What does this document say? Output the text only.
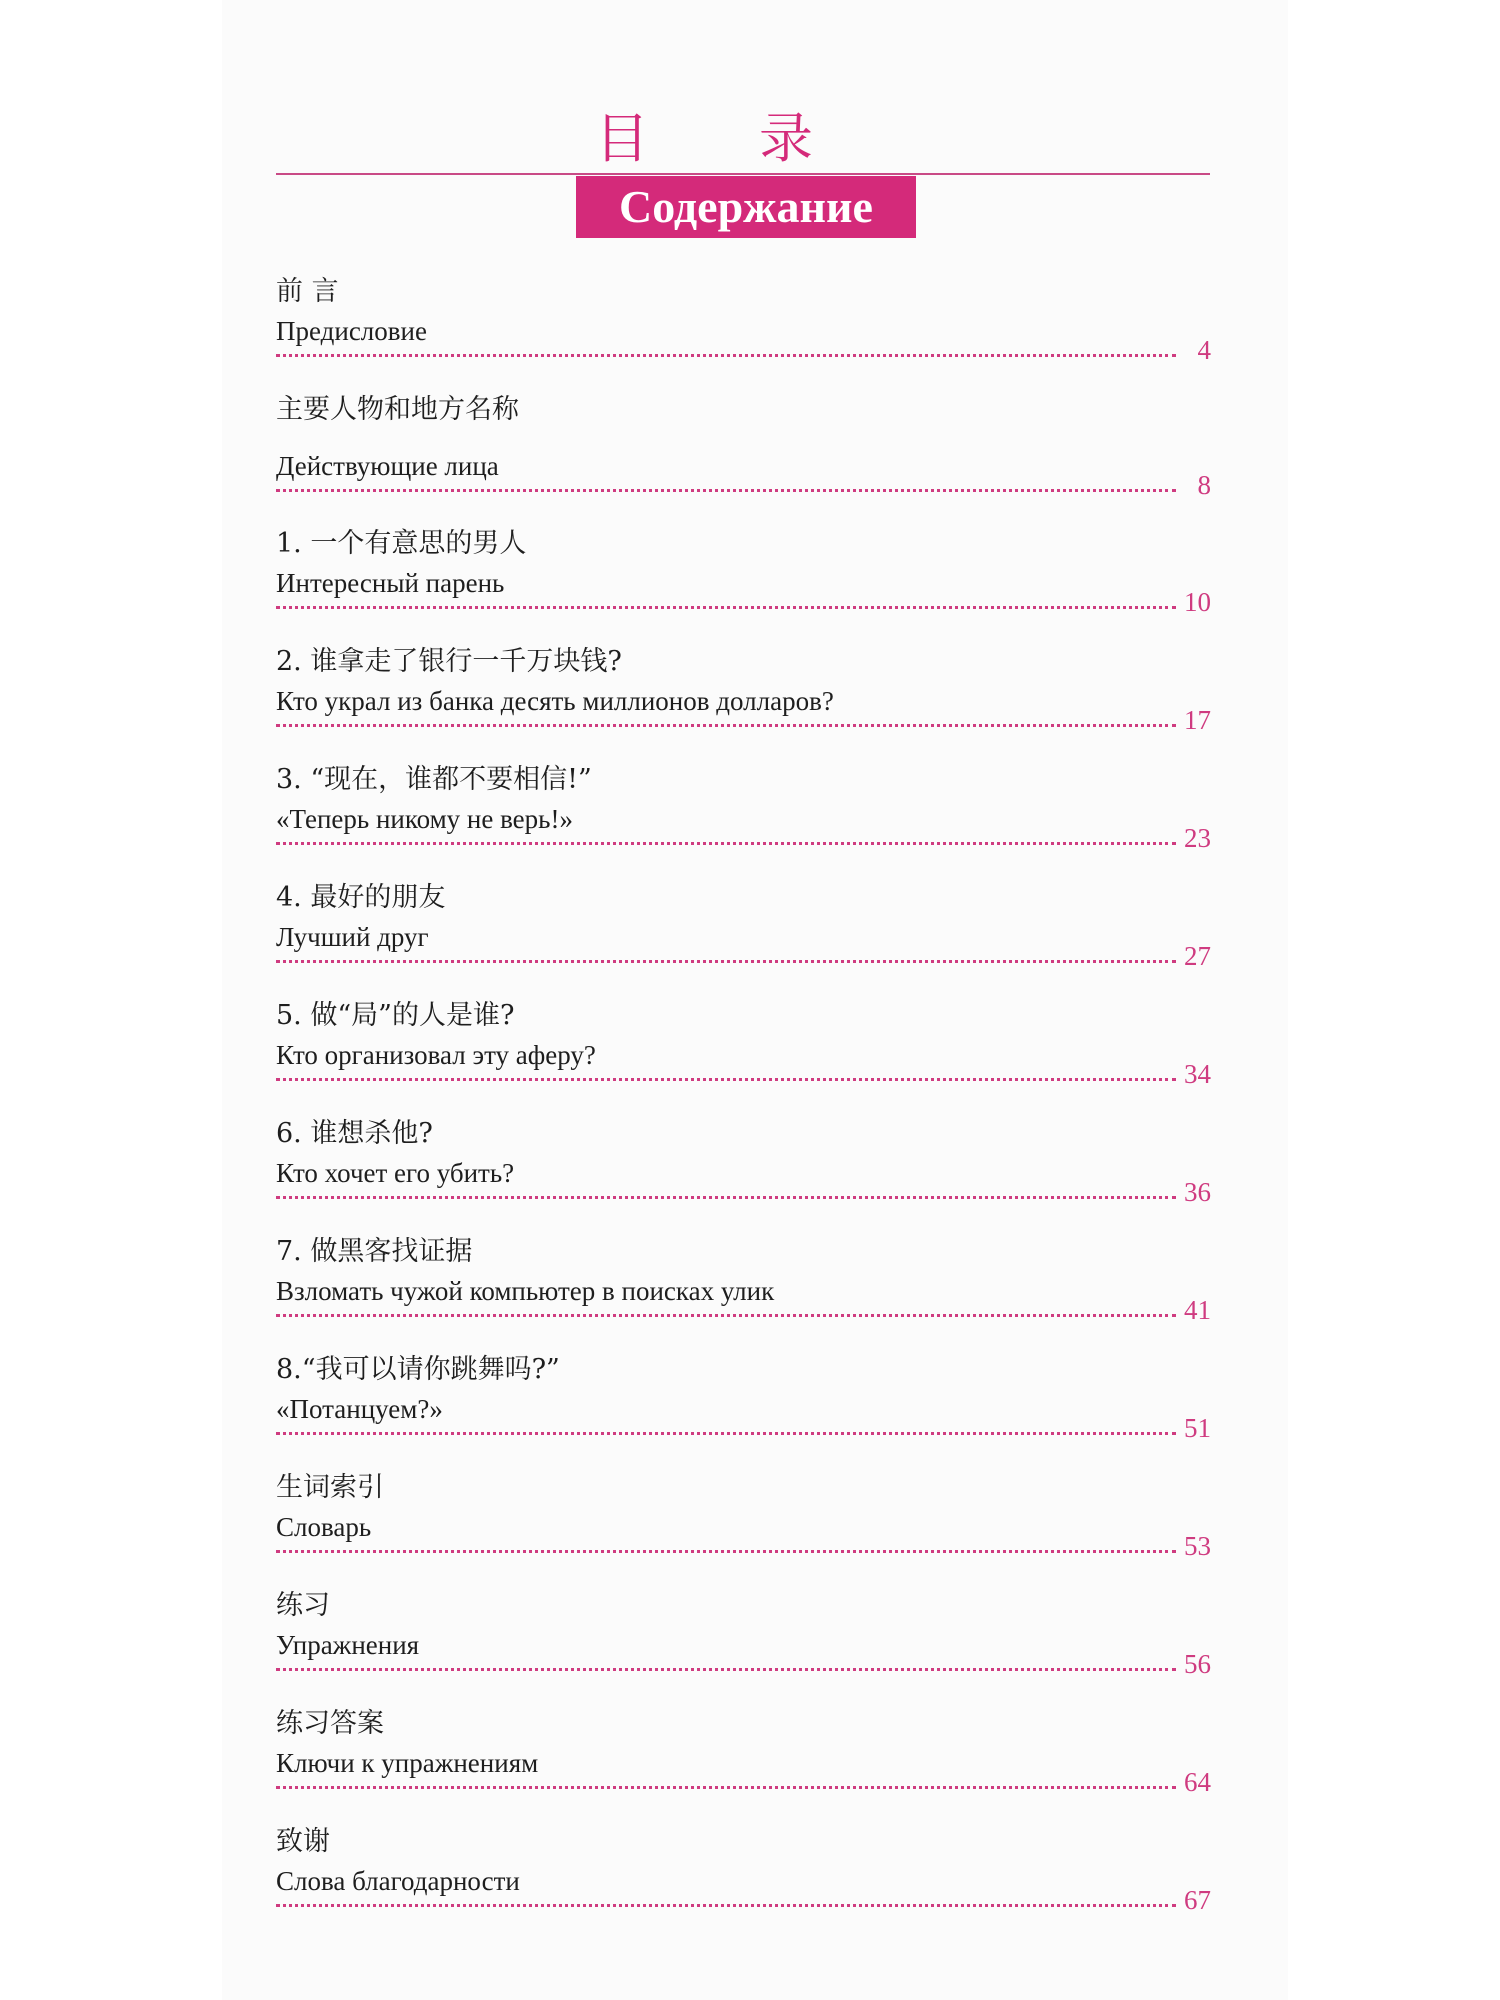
目录
Содержание
前 言
Предисловие
4
主要人物和地方名称
Действующие лица
8
1. 一个有意思的男人
Интересный парень
10
2. 谁拿走了银行一千万块钱?
Кто украл из банка десять миллионов долларов?
17
3. “现在，谁都不要相信!”
«Теперь никому не верь!»
23
4. 最好的朋友
Лучший друг
27
5. 做“局”的人是谁?
Кто организовал эту аферу?
34
6. 谁想杀他?
Кто хочет его убить?
36
7. 做黑客找证据
Взломать чужой компьютер в поисках улик
41
8.“我可以请你跳舞吗?”
«Потанцуем?»
51
生词索引
Словарь
53
练习
Упражнения
56
练习答案
Ключи к упражнениям
64
致谢
Слова благодарности
67
